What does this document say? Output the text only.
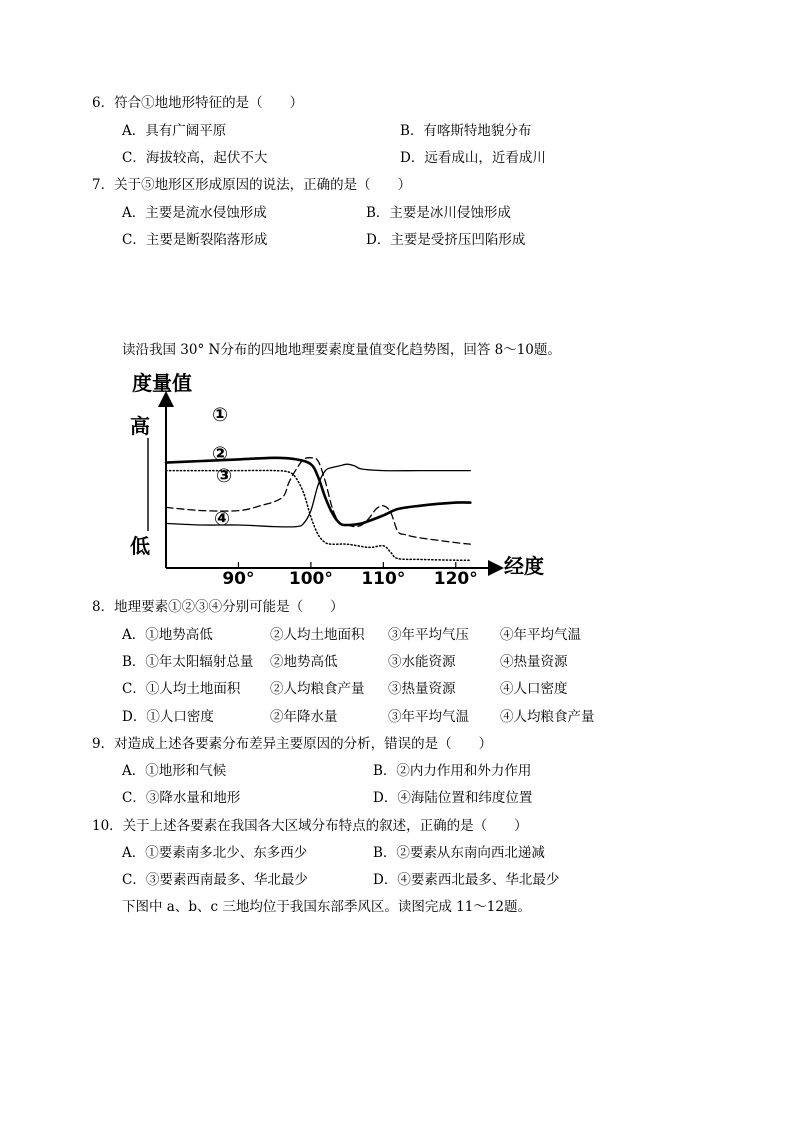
6．符合①地地形特征的是（　　）
A．具有广阔平原	B．有喀斯特地貌分布
C．海拔较高，起伏不大	D．远看成山，近看成川
7．关于⑤地形区形成原因的说法，正确的是（　　）
A．主要是流水侵蚀形成	B．主要是冰川侵蚀形成
C．主要是断裂陷落形成	D．主要是受挤压凹陷形成
读沿我国 30° N分布的四地地理要素度量值变化趋势图，回答 8～10题。
度量值
高
低
经度
90° 100° 110° 120°
①
②
③
④
8．地理要素①②③④分别可能是（　　）
A．①地势高低	②人均土地面积 ③年平均气压 ④年平均气温
B．①年太阳辐射总量 ②地势高低	③水能资源	④热量资源
C．①人均土地面积 ②人均粮食产量 ③热量资源	④人口密度
D．①人口密度	②年降水量	③年平均气温 ④人均粮食产量
9．对造成上述各要素分布差异主要原因的分析，错误的是（　　）
A．①地形和气候	B．②内力作用和外力作用
C．③降水量和地形	D．④海陆位置和纬度位置
10．关于上述各要素在我国各大区域分布特点的叙述，正确的是（　　）
A．①要素南多北少、东多西少	B．②要素从东南向西北递减
C．③要素西南最多、华北最少	D．④要素西北最多、华北最少
下图中 a、b、c 三地均位于我国东部季风区。读图完成 11～12题。
